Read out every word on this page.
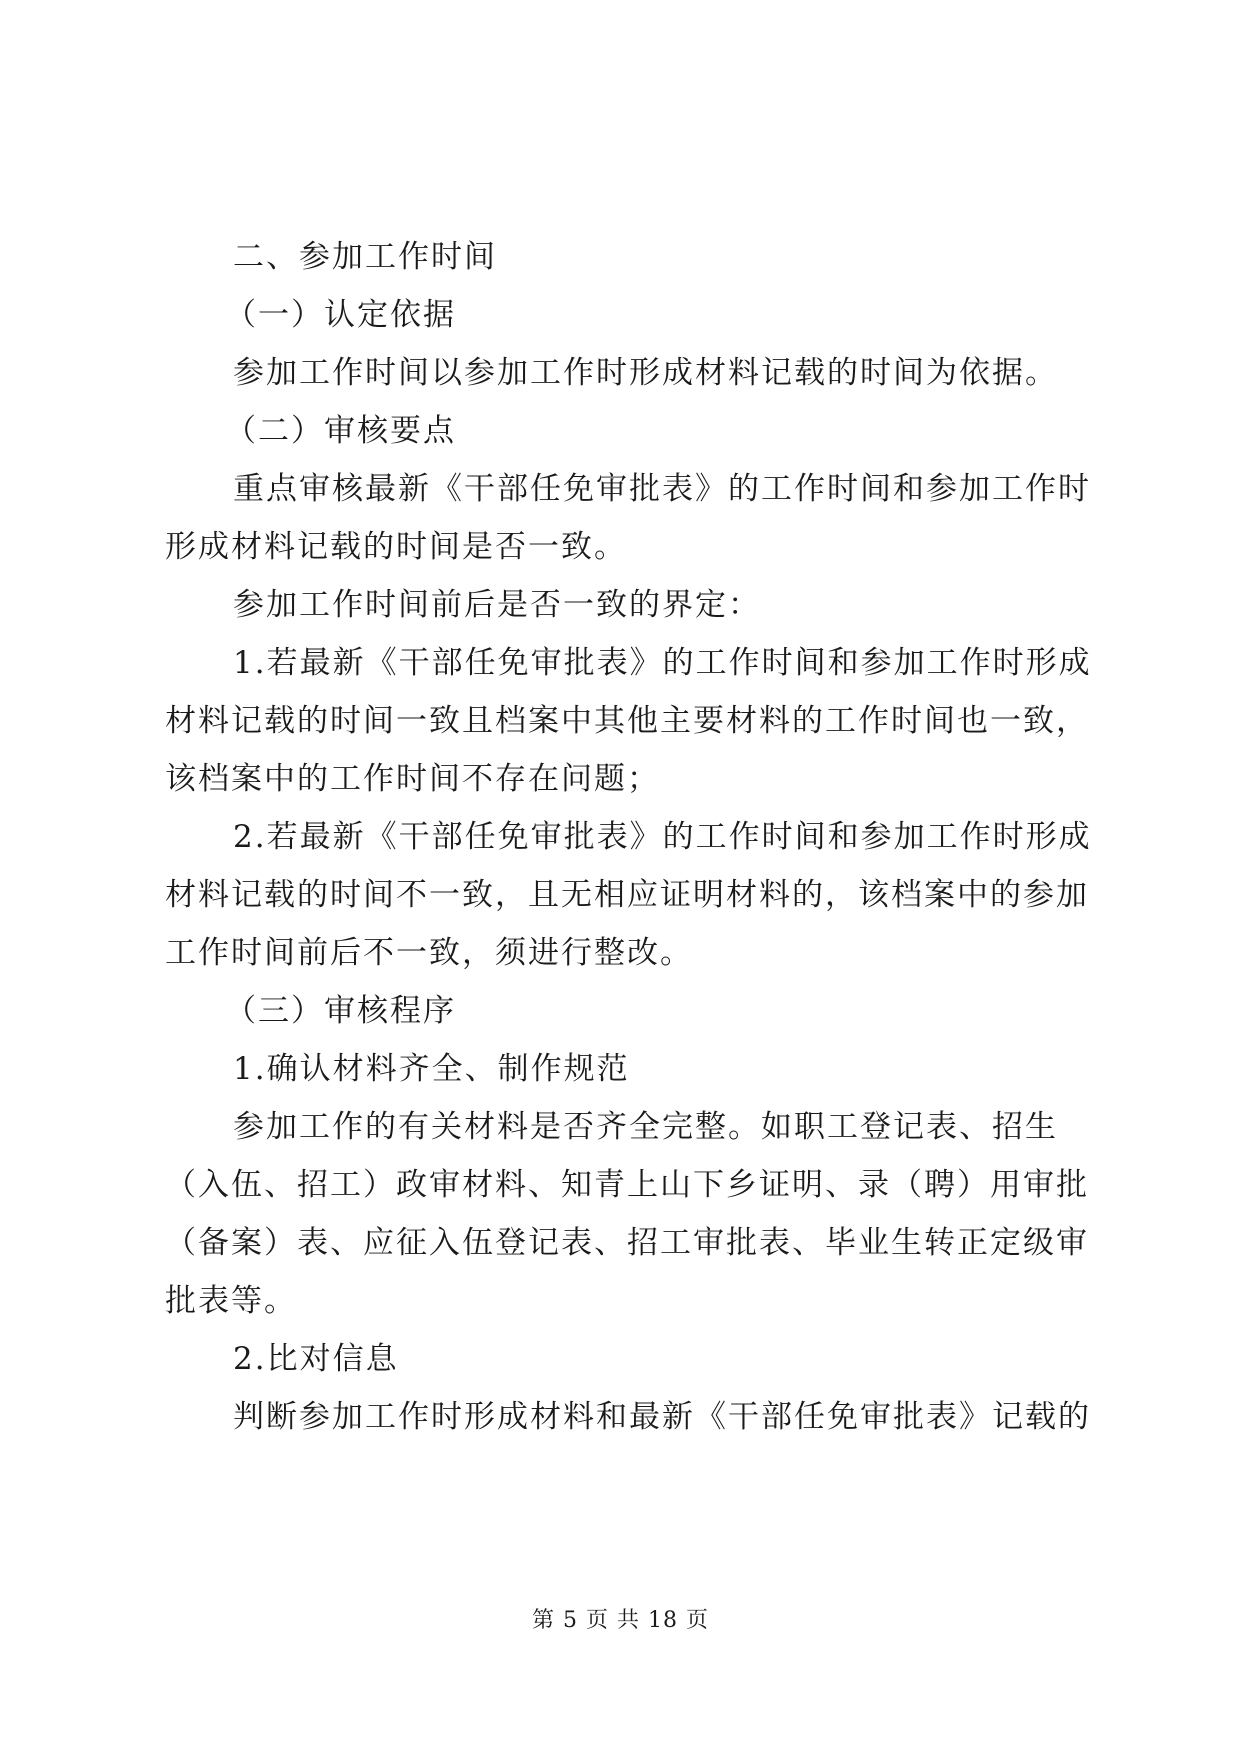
二、参加工作时间
（一）认定依据
参加工作时间以参加工作时形成材料记载的时间为依据。
（二）审核要点
重点审核最新《干部任免审批表》的工作时间和参加工作时
形成材料记载的时间是否一致。
参加工作时间前后是否一致的界定：
1.若最新《干部任免审批表》的工作时间和参加工作时形成
材料记载的时间一致且档案中其他主要材料的工作时间也一致，
该档案中的工作时间不存在问题；
2.若最新《干部任免审批表》的工作时间和参加工作时形成
材料记载的时间不一致，且无相应证明材料的，该档案中的参加
工作时间前后不一致，须进行整改。
（三）审核程序
1.确认材料齐全、制作规范
参加工作的有关材料是否齐全完整。如职工登记表、招生
（入伍、招工）政审材料、知青上山下乡证明、录（聘）用审批
（备案）表、应征入伍登记表、招工审批表、毕业生转正定级审
批表等。
2.比对信息
判断参加工作时形成材料和最新《干部任免审批表》记载的
第 5 页 共 18 页
